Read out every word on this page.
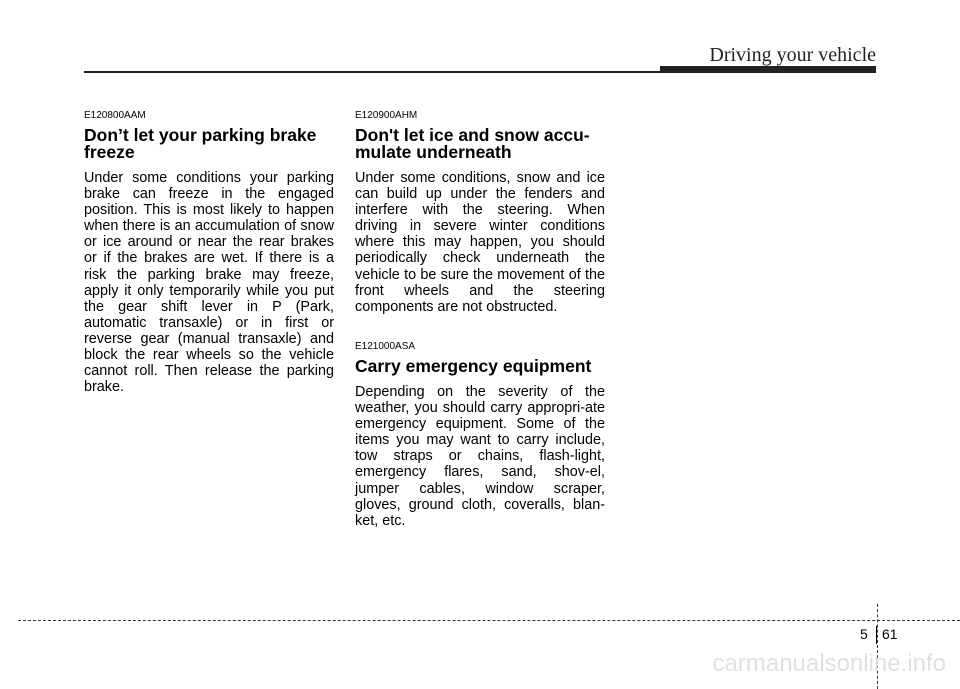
Driving your vehicle

E120800AAM

Don’t let your parking brake
freeze

Under some conditions your parking brake can freeze in the engaged position. This is most likely to happen when there is an accumulation of snow or ice around or near the rear brakes or if the brakes are wet. If there is a risk the parking brake may freeze, apply it only temporarily while you put the gear shift lever in P (Park, automatic transaxle) or in first or reverse gear (manual transaxle) and block the rear wheels so the vehicle cannot roll. Then release the parking brake.

E120900AHM

Don't let ice and snow accu-
mulate underneath

Under some conditions, snow and ice can build up under the fenders and interfere with the steering. When driving in severe winter conditions where this may happen, you should periodically check underneath the vehicle to be sure the movement of the front wheels and the steering components are not obstructed.

E121000ASA

Carry emergency equipment

Depending on the severity of the weather, you should carry appropri-ate emergency equipment. Some of the items you may want to carry include, tow straps or chains, flash-light, emergency flares, sand, shov-el, jumper cables, window scraper, gloves, ground cloth, coveralls, blan-ket, etc.

5 61
carmanualsonline.info
